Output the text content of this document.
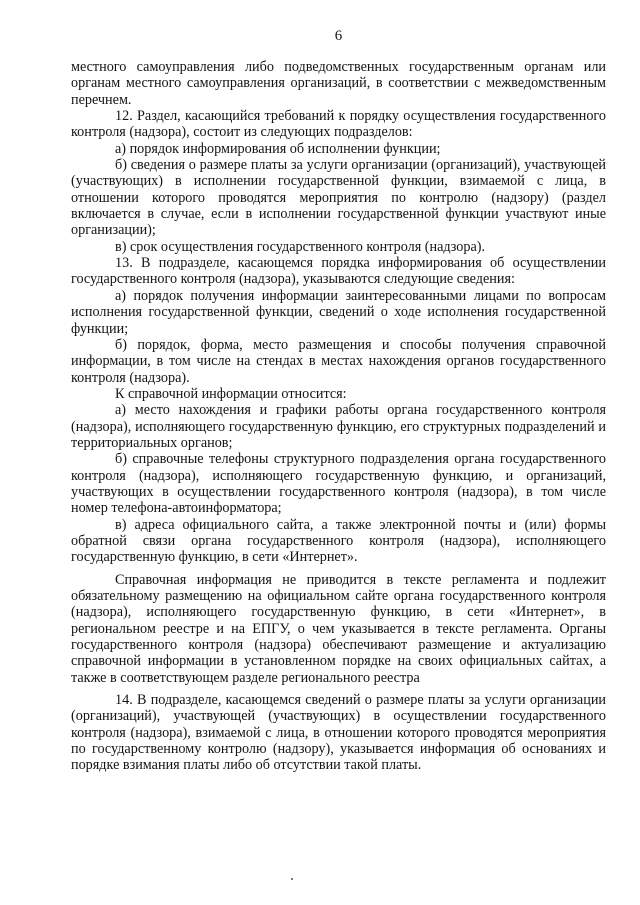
6

местного самоуправления либо подведомственных государственным органам или органам местного самоуправления организаций, в соответствии с межведомственным перечнем.

12. Раздел, касающийся требований к порядку осуществления государственного контроля (надзора), состоит из следующих подразделов:

а) порядок информирования об исполнении функции;

б) сведения о размере платы за услуги организации (организаций), участвующей (участвующих) в исполнении государственной функции, взимаемой с лица, в отношении которого проводятся мероприятия по контролю (надзору) (раздел включается в случае, если в исполнении государственной функции участвуют иные организации);

в) срок осуществления государственного контроля (надзора).

13. В подразделе, касающемся порядка информирования об осуществлении государственного контроля (надзора), указываются следующие сведения:

а) порядок получения информации заинтересованными лицами по вопросам исполнения государственной функции, сведений о ходе исполнения государственной функции;

б) порядок, форма, место размещения и способы получения справочной информации, в том числе на стендах в местах нахождения органов государственного контроля (надзора).

К справочной информации относится:

а) место нахождения и графики работы органа государственного контроля (надзора), исполняющего государственную функцию, его структурных подразделений и территориальных органов;

б) справочные телефоны структурного подразделения органа государственного контроля (надзора), исполняющего государственную функцию, и организаций, участвующих в осуществлении государственного контроля (надзора), в том числе номер телефона-автоинформатора;

в) адреса официального сайта, а также электронной почты и (или) формы обратной связи органа государственного контроля (надзора), исполняющего государственную функцию, в сети «Интернет».

Справочная информация не приводится в тексте регламента и подлежит обязательному размещению на официальном сайте органа государственного контроля (надзора), исполняющего государственную функцию, в сети «Интернет», в региональном реестре и на ЕПГУ, о чем указывается в тексте регламента. Органы государственного контроля (надзора) обеспечивают размещение и актуализацию справочной информации в установленном порядке на своих официальных сайтах, а также в соответствующем разделе регионального реестра

14. В подразделе, касающемся сведений о размере платы за услуги организации (организаций), участвующей (участвующих) в осуществлении государственного контроля (надзора), взимаемой с лица, в отношении которого проводятся мероприятия по государственному контролю (надзору), указывается информация об основаниях и порядке взимания платы либо об отсутствии такой платы.
